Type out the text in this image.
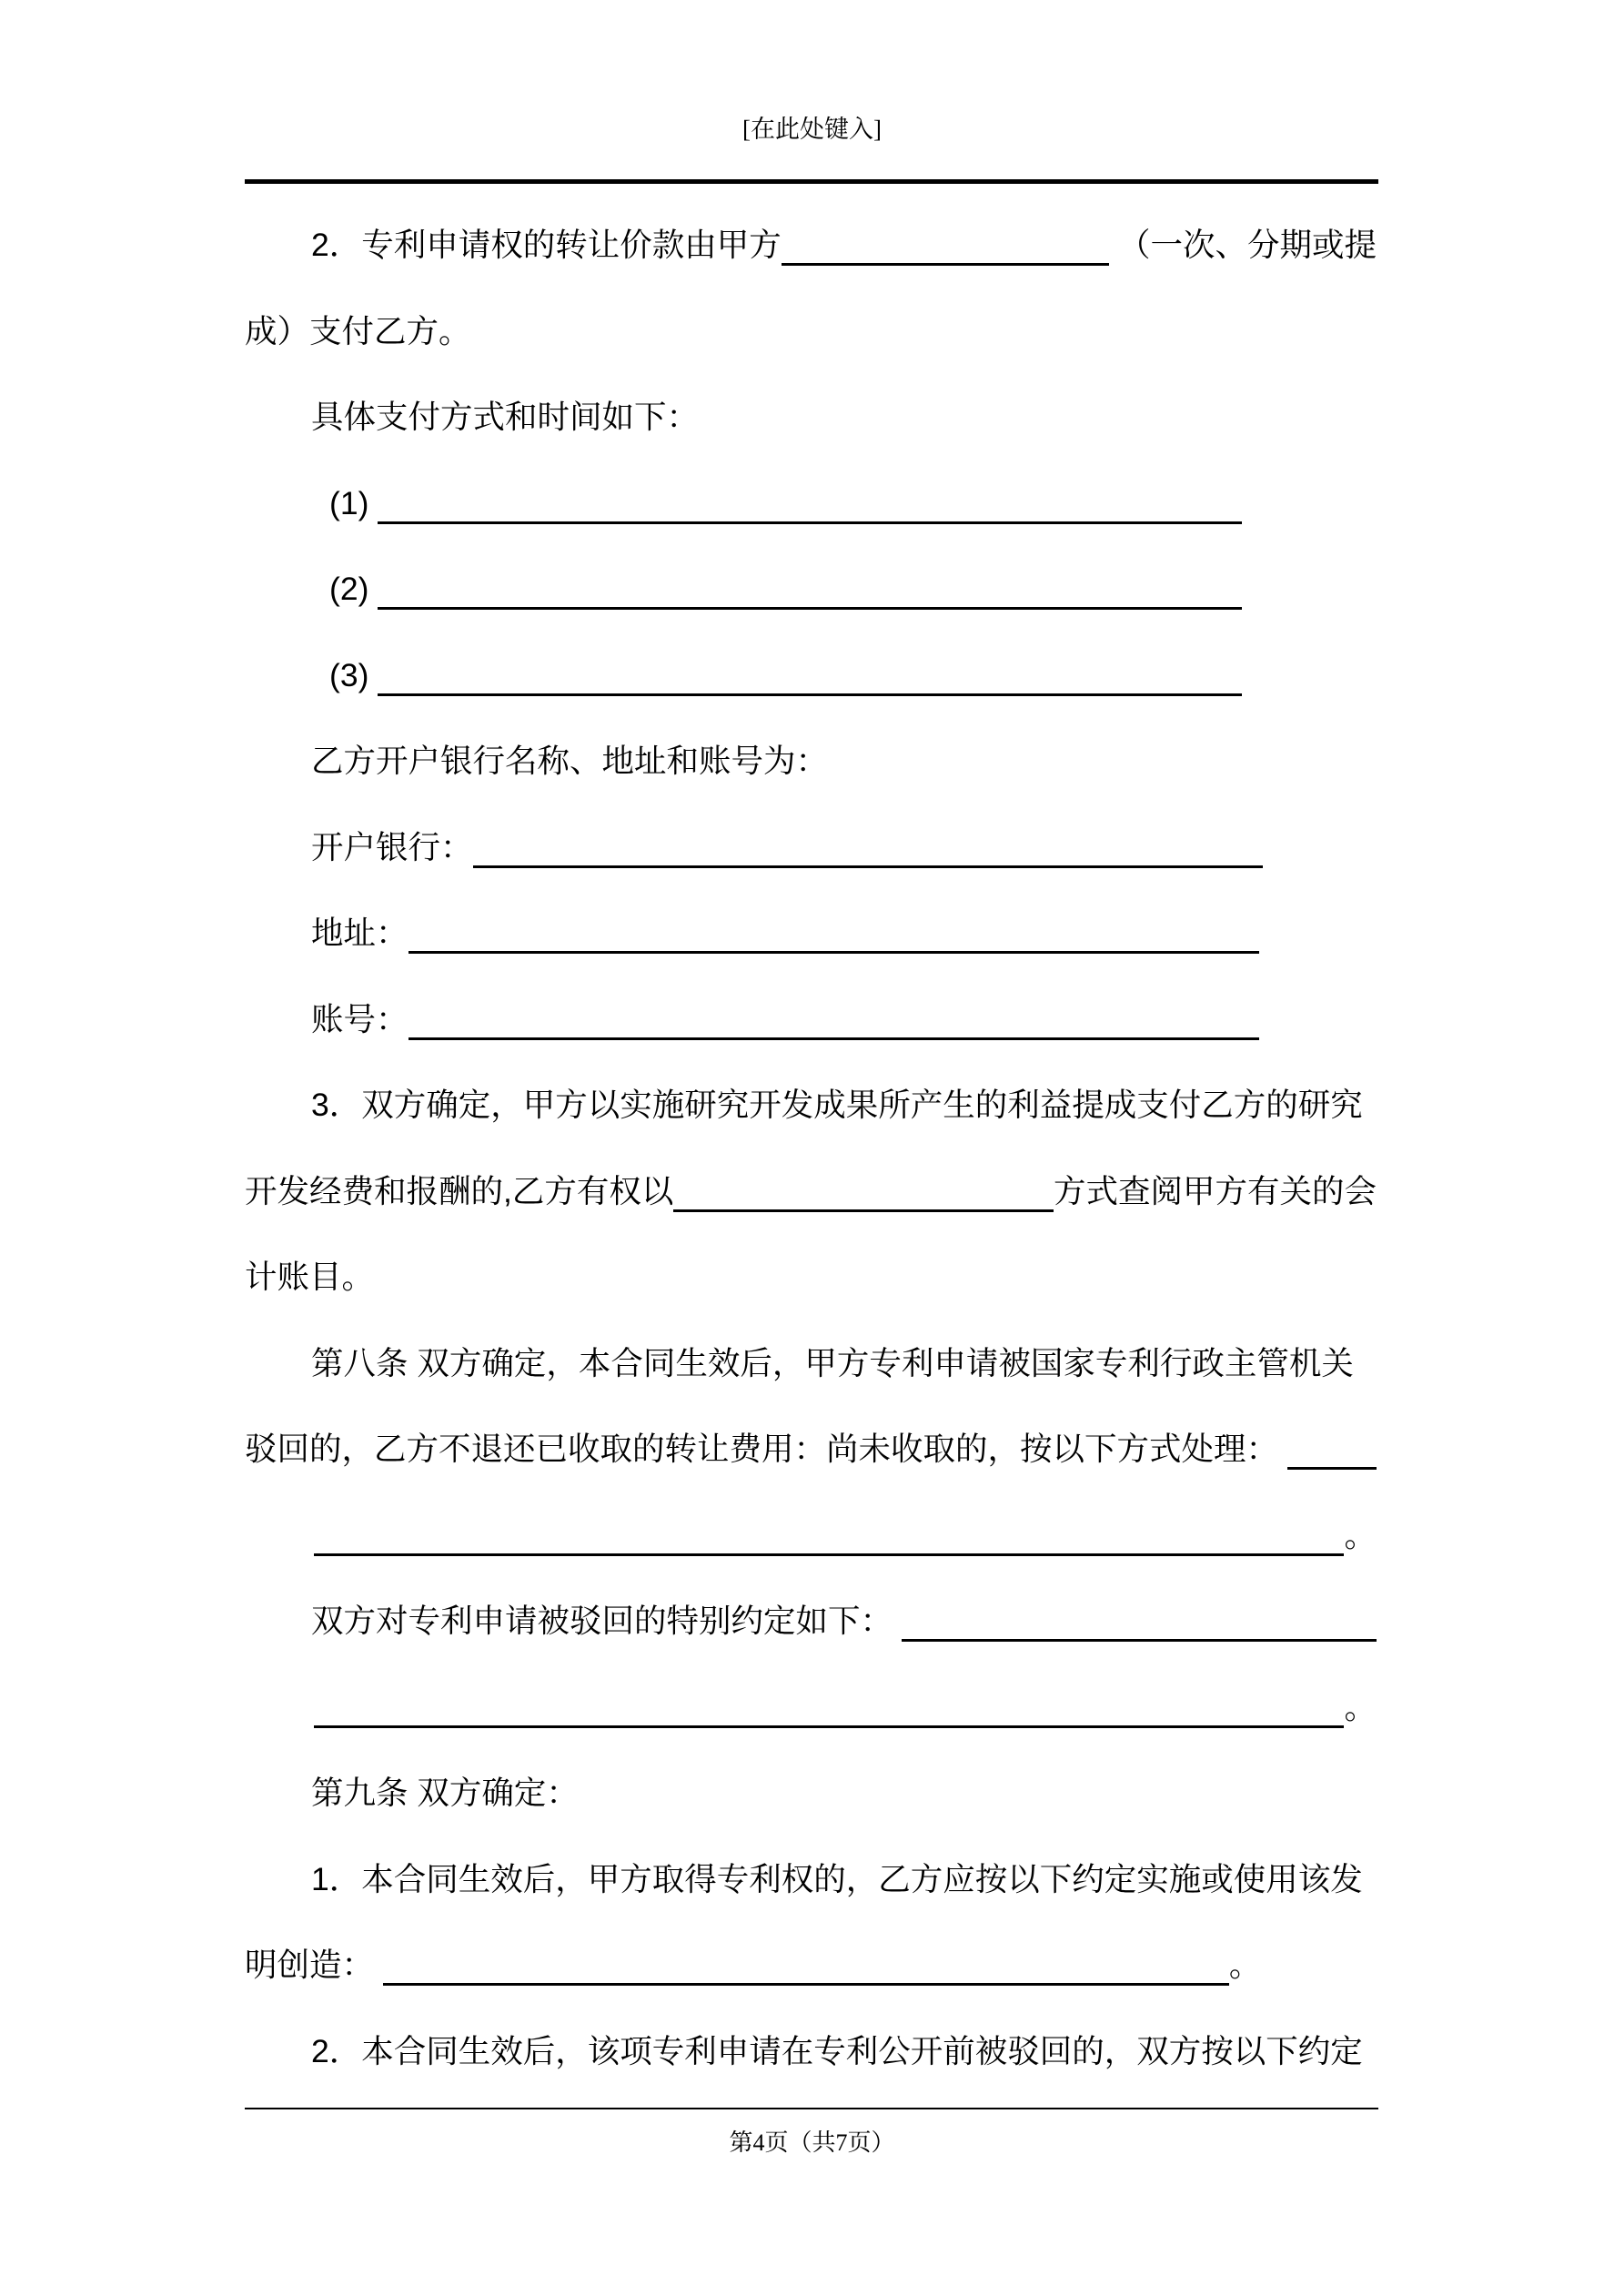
[在此处键入]
2．专利申请权的转让价款由甲方	（一次、分期或提
成）支付乙方。
具体支付方式和时间如下：
(1)
(2)
(3)
乙方开户银行名称、地址和账号为：
开户银行：
地址：
账号：
3．双方确定，甲方以实施研究开发成果所产生的利益提成支付乙方的研究
开发经费和报酬的,乙方有权以	方式查阅甲方有关的会
计账目。
第八条 双方确定，本合同生效后，甲方专利申请被国家专利行政主管机关
驳回的，乙方不退还已收取的转让费用：尚未收取的，按以下方式处理：
。
双方对专利申请被驳回的特别约定如下：
。
第九条 双方确定：
1．本合同生效后，甲方取得专利权的，乙方应按以下约定实施或使用该发
明创造：	。
2．本合同生效后，该项专利申请在专利公开前被驳回的，双方按以下约定
第4页（共7页）
